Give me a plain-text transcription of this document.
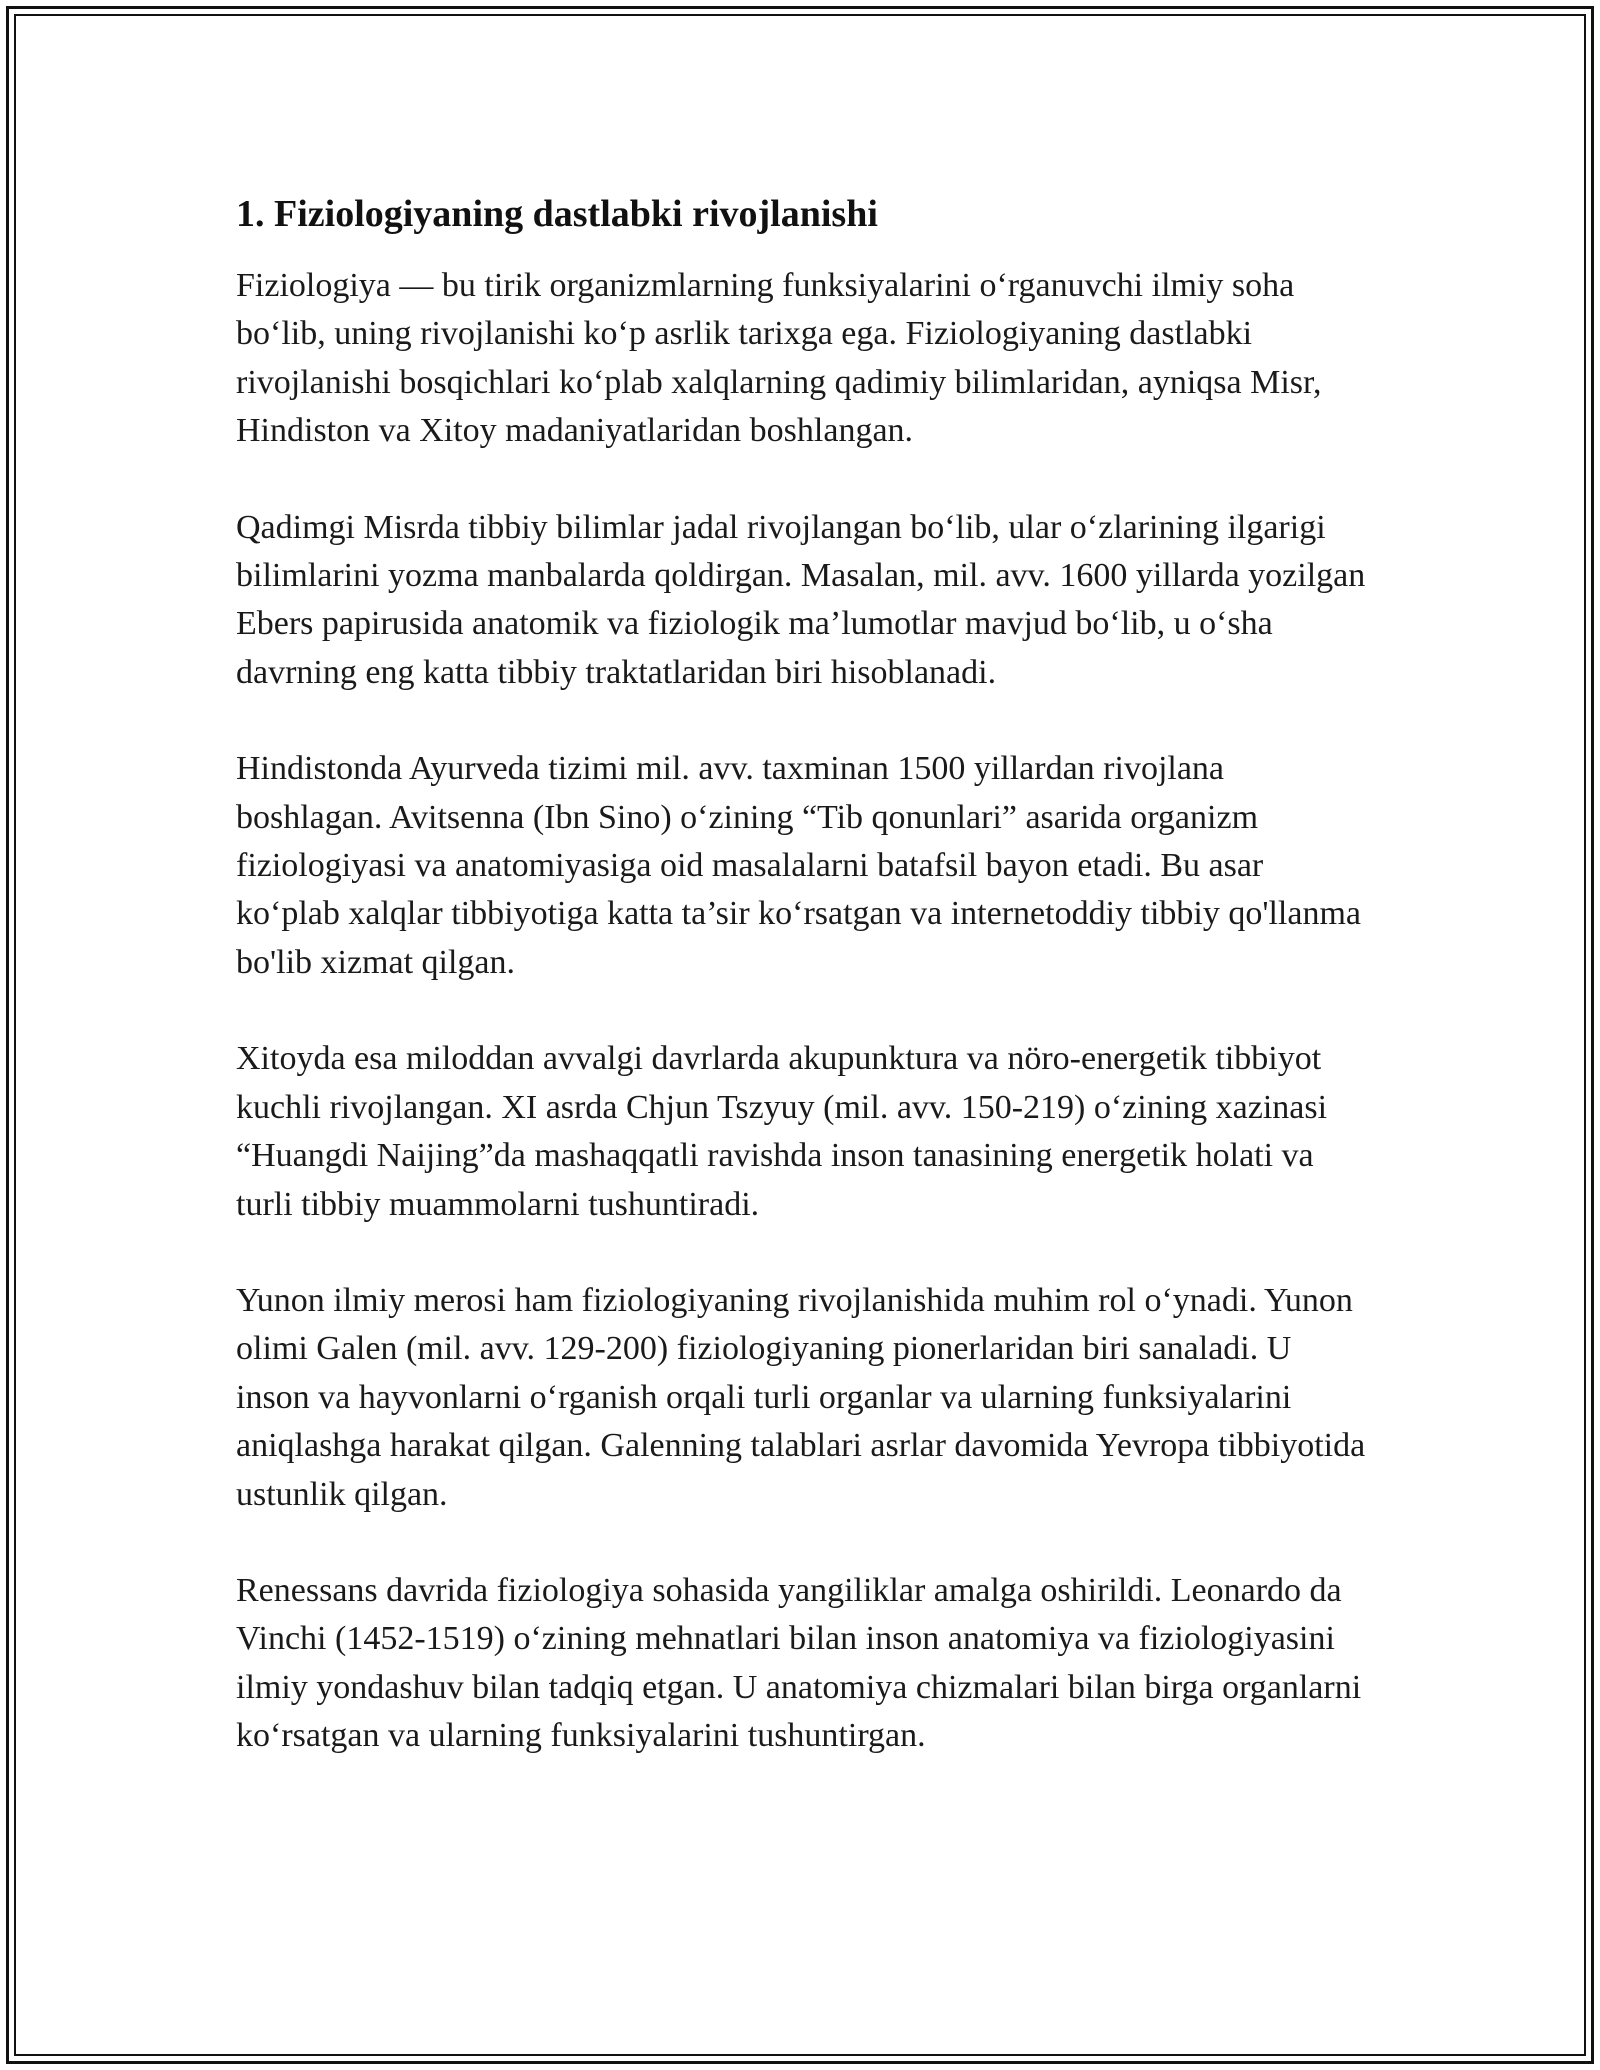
1. Fiziologiyaning dastlabki rivojlanishi

Fiziologiya — bu tirik organizmlarning funksiyalarini oʻrganuvchi ilmiy soha boʻlib, uning rivojlanishi koʻp asrlik tarixga ega. Fiziologiyaning dastlabki rivojlanishi bosqichlari koʻplab xalqlarning qadimiy bilimlaridan, ayniqsa Misr, Hindiston va Xitoy madaniyatlaridan boshlangan.

Qadimgi Misrda tibbiy bilimlar jadal rivojlangan boʻlib, ular oʻzlarining ilgarigi bilimlarini yozma manbalarda qoldirgan. Masalan, mil. avv. 1600 yillarda yozilgan Ebers papirusida anatomik va fiziologik ma’lumotlar mavjud boʻlib, u oʻsha davrning eng katta tibbiy traktatlaridan biri hisoblanadi.

Hindistonda Ayurveda tizimi mil. avv. taxminan 1500 yillardan rivojlana boshlagan. Avitsenna (Ibn Sino) oʻzining “Tib qonunlari” asarida organizm fiziologiyasi va anatomiyasiga oid masalalarni batafsil bayon etadi. Bu asar koʻplab xalqlar tibbiyotiga katta ta’sir koʻrsatgan va internetoddiy tibbiy qo'llanma bo'lib xizmat qilgan.

Xitoyda esa miloddan avvalgi davrlarda akupunktura va nöro-energetik tibbiyot kuchli rivojlangan. XI asrda Chjun Tszyuy (mil. avv. 150-219) oʻzining xazinasi “Huangdi Naijing”da mashaqqatli ravishda inson tanasining energetik holati va turli tibbiy muammolarni tushuntiradi.

Yunon ilmiy merosi ham fiziologiyaning rivojlanishida muhim rol oʻynadi. Yunon olimi Galen (mil. avv. 129-200) fiziologiyaning pionerlaridan biri sanaladi. U inson va hayvonlarni oʻrganish orqali turli organlar va ularning funksiyalarini aniqlashga harakat qilgan. Galenning talablari asrlar davomida Yevropa tibbiyotida ustunlik qilgan.

Renessans davrida fiziologiya sohasida yangiliklar amalga oshirildi. Leonardo da Vinchi (1452-1519) oʻzining mehnatlari bilan inson anatomiya va fiziologiyasini ilmiy yondashuv bilan tadqiq etgan. U anatomiya chizmalari bilan birga organlarni koʻrsatgan va ularning funksiyalarini tushuntirgan.
